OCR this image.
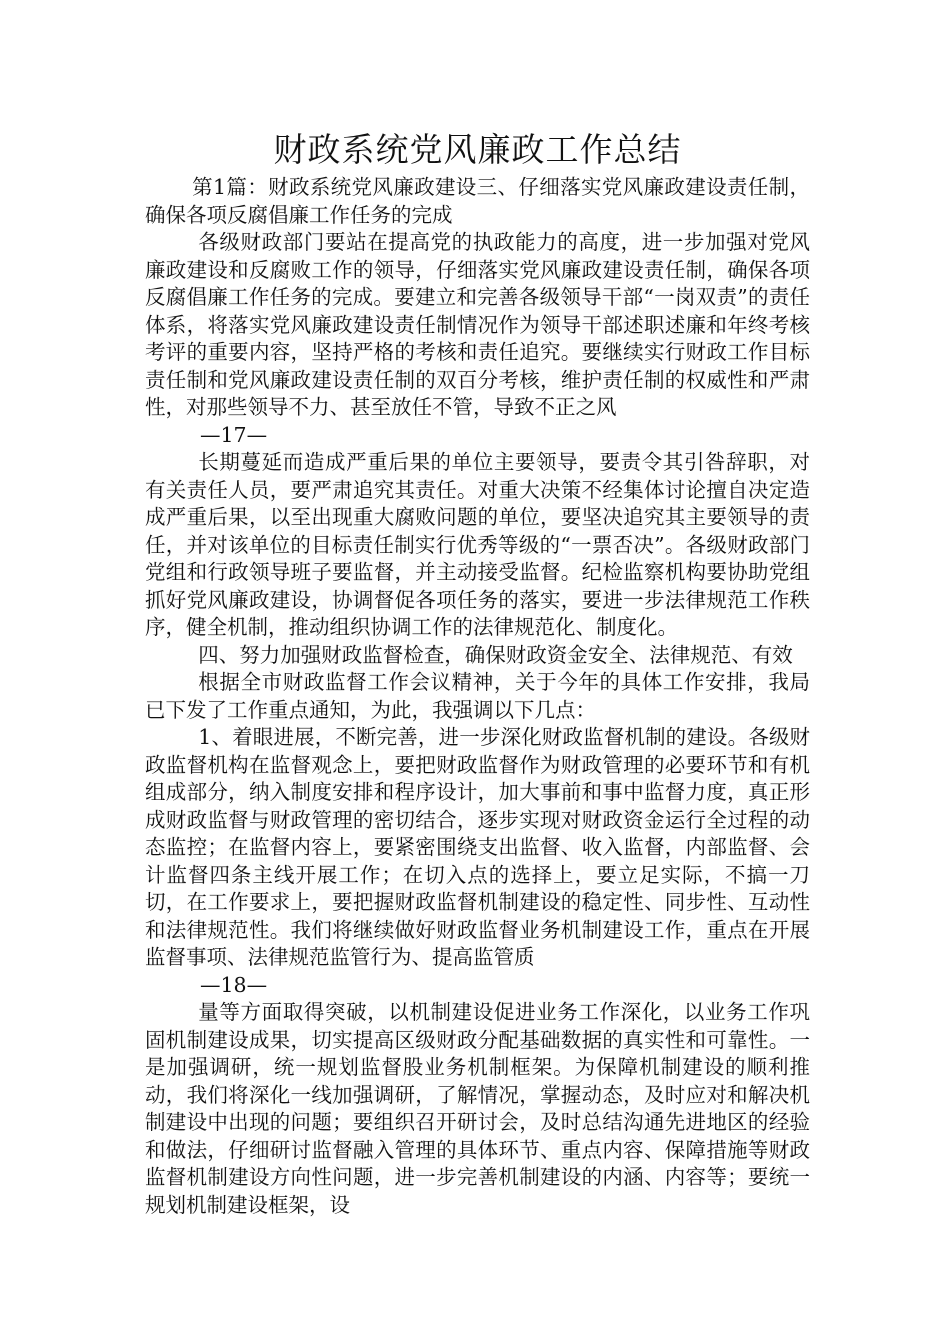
财政系统党风廉政工作总结

第1篇：财政系统党风廉政建设三、仔细落实党风廉政建设责任制，确保各项反腐倡廉工作任务的完成

各级财政部门要站在提高党的执政能力的高度，进一步加强对党风廉政建设和反腐败工作的领导，仔细落实党风廉政建设责任制，确保各项反腐倡廉工作任务的完成。要建立和完善各级领导干部“一岗双责”的责任体系，将落实党风廉政建设责任制情况作为领导干部述职述廉和年终考核考评的重要内容，坚持严格的考核和责任追究。要继续实行财政工作目标责任制和党风廉政建设责任制的双百分考核，维护责任制的权威性和严肃性，对那些领导不力、甚至放任不管，导致不正之风

—17—

长期蔓延而造成严重后果的单位主要领导，要责令其引咎辞职，对有关责任人员，要严肃追究其责任。对重大决策不经集体讨论擅自决定造成严重后果，以至出现重大腐败问题的单位，要坚决追究其主要领导的责任，并对该单位的目标责任制实行优秀等级的“一票否决”。各级财政部门党组和行政领导班子要监督，并主动接受监督。纪检监察机构要协助党组抓好党风廉政建设，协调督促各项任务的落实，要进一步法律规范工作秩序，健全机制，推动组织协调工作的法律规范化、制度化。

四、努力加强财政监督检查，确保财政资金安全、法律规范、有效

根据全市财政监督工作会议精神，关于今年的具体工作安排，我局已下发了工作重点通知，为此，我强调以下几点：

1、着眼进展，不断完善，进一步深化财政监督机制的建设。各级财政监督机构在监督观念上，要把财政监督作为财政管理的必要环节和有机组成部分，纳入制度安排和程序设计，加大事前和事中监督力度，真正形成财政监督与财政管理的密切结合，逐步实现对财政资金运行全过程的动态监控；在监督内容上，要紧密围绕支出监督、收入监督，内部监督、会计监督四条主线开展工作；在切入点的选择上，要立足实际，不搞一刀切，在工作要求上，要把握财政监督机制建设的稳定性、同步性、互动性和法律规范性。我们将继续做好财政监督业务机制建设工作，重点在开展监督事项、法律规范监管行为、提高监管质

—18—

量等方面取得突破，以机制建设促进业务工作深化，以业务工作巩固机制建设成果，切实提高区级财政分配基础数据的真实性和可靠性。一是加强调研，统一规划监督股业务机制框架。为保障机制建设的顺利推动，我们将深化一线加强调研，了解情况，掌握动态，及时应对和解决机制建设中出现的问题；要组织召开研讨会，及时总结沟通先进地区的经验和做法，仔细研讨监督融入管理的具体环节、重点内容、保障措施等财政监督机制建设方向性问题，进一步完善机制建设的内涵、内容等；要统一规划机制建设框架，设
